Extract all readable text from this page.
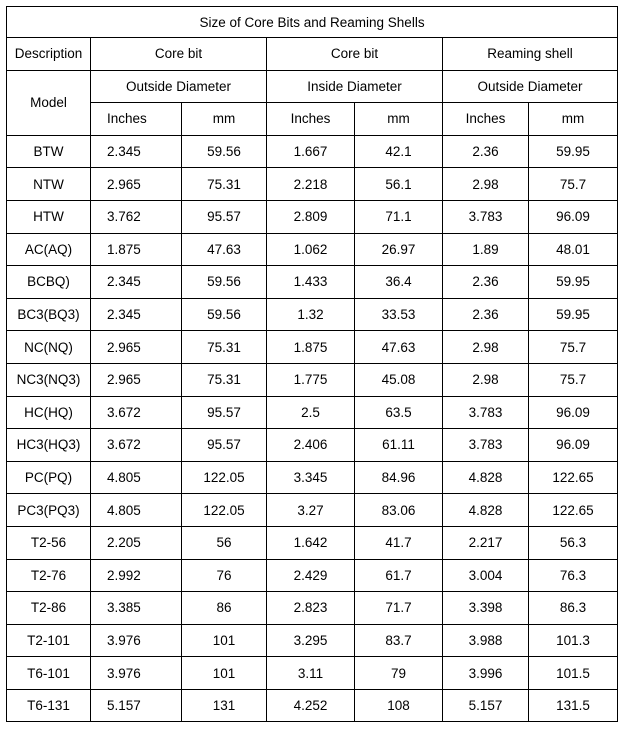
Size of Core Bits and Reaming Shells						
Description	Core bit		Core bit		Reaming shell	
Model	Outside Diameter		Inside Diameter		Outside Diameter	
	Inches	mm	Inches	mm	Inches	mm
BTW	2.345	59.56	1.667	42.1	2.36	59.95
NTW	2.965	75.31	2.218	56.1	2.98	75.7
HTW	3.762	95.57	2.809	71.1	3.783	96.09
AC(AQ)	1.875	47.63	1.062	26.97	1.89	48.01
BCBQ)	2.345	59.56	1.433	36.4	2.36	59.95
BC3(BQ3)	2.345	59.56	1.32	33.53	2.36	59.95
NC(NQ)	2.965	75.31	1.875	47.63	2.98	75.7
NC3(NQ3)	2.965	75.31	1.775	45.08	2.98	75.7
HC(HQ)	3.672	95.57	2.5	63.5	3.783	96.09
HC3(HQ3)	3.672	95.57	2.406	61.11	3.783	96.09
PC(PQ)	4.805	122.05	3.345	84.96	4.828	122.65
PC3(PQ3)	4.805	122.05	3.27	83.06	4.828	122.65
T2-56	2.205	56	1.642	41.7	2.217	56.3
T2-76	2.992	76	2.429	61.7	3.004	76.3
T2-86	3.385	86	2.823	71.7	3.398	86.3
T2-101	3.976	101	3.295	83.7	3.988	101.3
T6-101	3.976	101	3.11	79	3.996	101.5
T6-131	5.157	131	4.252	108	5.157	131.5
